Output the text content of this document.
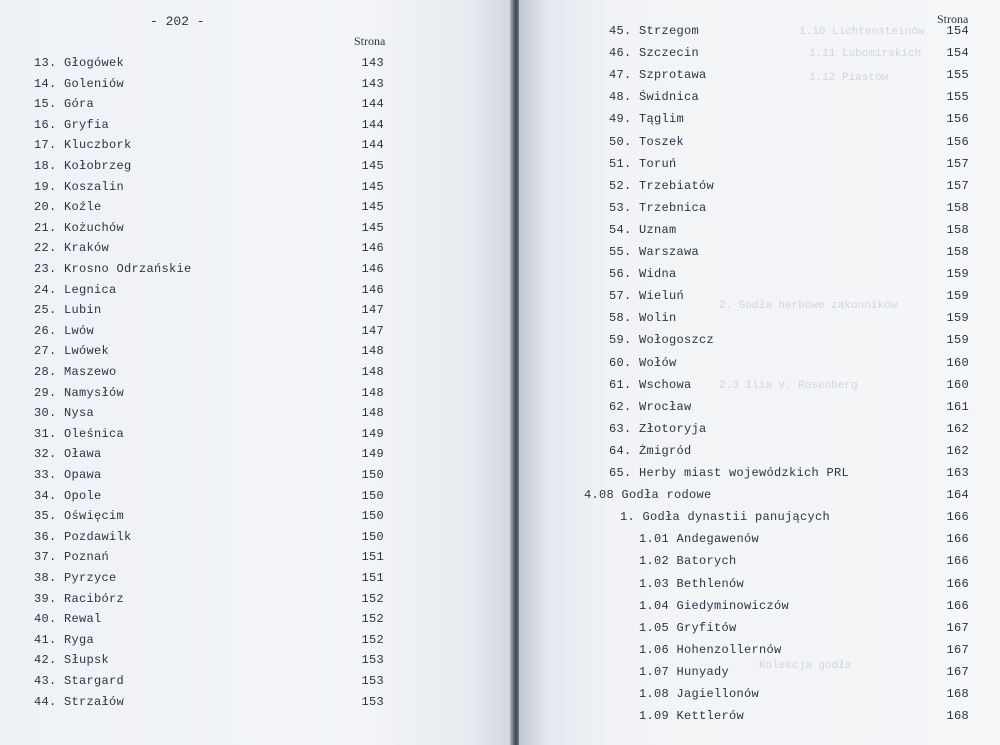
- 202 -
Strona
13. Głogówek	143
14. Goleniów	143
15. Góra	144
16. Gryfia	144
17. Kluczbork	144
18. Kołobrzeg	145
19. Koszalin	145
20. Koźle	145
21. Kożuchów	145
22. Kraków	146
23. Krosno Odrzańskie	146
24. Legnica	146
25. Lubin	147
26. Lwów	147
27. Lwówek	148
28. Maszewo	148
29. Namysłów	148
30. Nysa	148
31. Oleśnica	149
32. Oława	149
33. Opawa	150
34. Opole	150
35. Oświęcim	150
36. Pozdawilk	150
37. Poznań	151
38. Pyrzyce	151
39. Racibórz	152
40. Rewal	152
41. Ryga	152
42. Słupsk	153
43. Stargard	153
44. Strzałów	153
1.10 Lichtensteinów
1.11 Lubomirskich
1.12 Piastów
2. Godła herbowe zakonników
2.3 Ilia v. Rosenberg
Kolekcja godła
Strona
45. Strzegom	154
46. Szczecin	154
47. Szprotawa	155
48. Świdnica	155
49. Tąglim	156
50. Toszek	156
51. Toruń	157
52. Trzebiatów	157
53. Trzebnica	158
54. Uznam	158
55. Warszawa	158
56. Widna	159
57. Wieluń	159
58. Wolin	159
59. Wołogoszcz	159
60. Wołów	160
61. Wschowa	160
62. Wrocław	161
63. Złotoryja	162
64. Żmigród	162
65. Herby miast wojewódzkich PRL	163
4.08 Godła rodowe	164
1. Godła dynastii panujących	166
1.01 Andegawenów	166
1.02 Batorych	166
1.03 Bethlenów	166
1.04 Giedyminowiczów	166
1.05 Gryfitów	167
1.06 Hohenzollernów	167
1.07 Hunyady	167
1.08 Jagiellonów	168
1.09 Kettlerów	168
